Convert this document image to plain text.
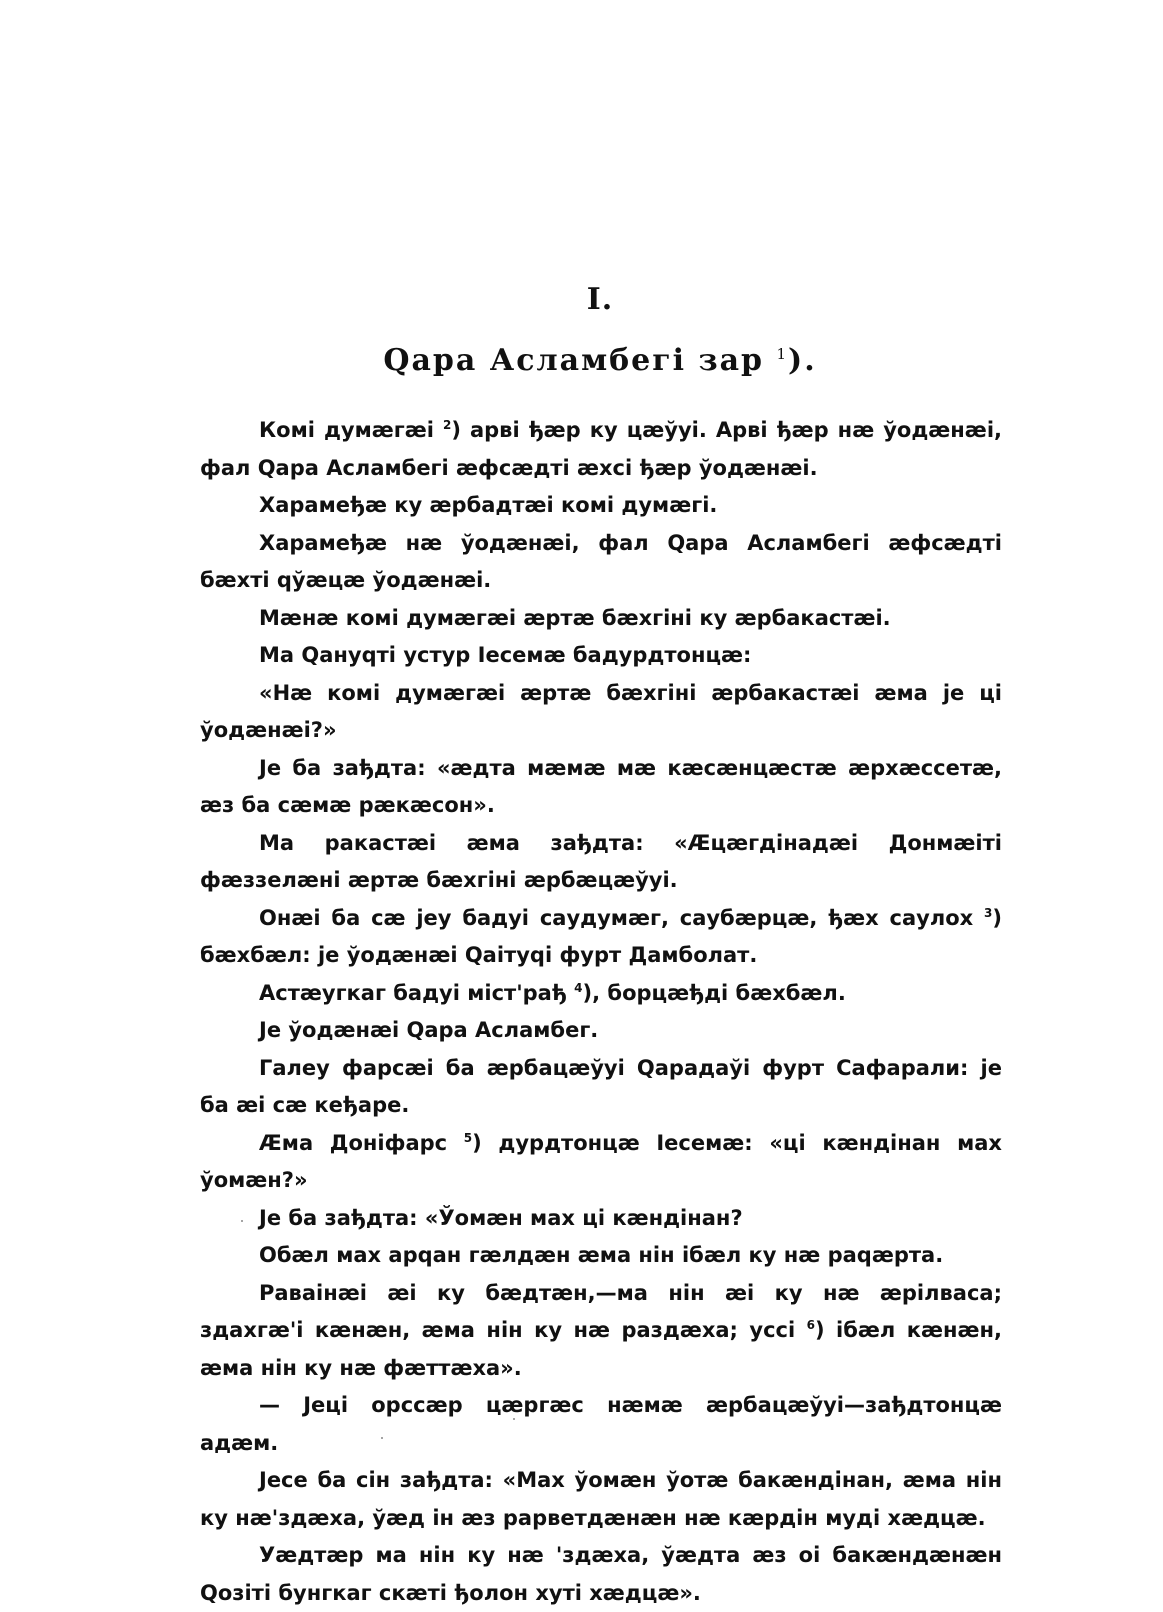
I.
Qара Асламбегі зар $^1$).

Комі думæгæі $^2$) арві ђæр ку цæўуі. Арві ђæр нæ ўодæнæі, фал Qара Асламбегі æфсæдті æхсі ђæр ўодæнæі.

Харамеђæ ку æрбадтæі комі думæгі.

Харамеђæ нæ ўодæнæі, фал Qара Асламбегі æфсæдті бæхті qўæцæ ўодæнæі.

Мæнæ комі думæгæі æртæ бæхгіні ку æрбакастæі.

Ма Qануqті устур Іесемæ бадурдтонцæ:

«Нæ комі думæгæі æртæ бæхгіні æрбакастæі æма је ці ўодæнæі?»

Је ба зађдта: «æдта мæмæ мæ кæсæнцæстæ æрхæссетæ, æз ба сæмæ рæкæсон».

Ма ракастæі æма зађдта: «Æцæгдінадæі Донмæіті фæззелæні æртæ бæхгіні æрбæцæўуі.

Онæі ба сæ јеу бадуі саудумæг, саубæрцæ, ђæх саулох $^3$) бæхбæл: је ўодæнæі Qаітуqі фурт Дамболат.

Астæугкаг бадуі міст'рађ $^4$), борцæђді бæхбæл.

Је ўодæнæі Qара Асламбег.

Галеу фарсæі ба æрбацæўуі Qарадаўі фурт Сафарали: је ба æі сæ кеђаре.

Æма Доніфарс $^5$) дурдтонцæ Іесемæ: «ці кæндінан мах ўомæн?»

Је ба зађдта: «Ўомæн мах ці кæндінан?

Обæл мах арqан гæлдæн æма нін ібæл ку нæ раqæрта.

Раваінæі æі ку бæдтæн,—ма нін æі ку нæ æрілваса; здахгæ'і кæнæн, æма нін ку нæ раздæха; уссі $^6$) ібæл кæнæн, æма нін ку нæ фæттæха».

— Јеці орссæр цæргæс нæмæ æрбацæўуі—зађдтонцæ адæм.

Јесе ба сін зађдта: «Мах ўомæн ўотæ бакæндінан, æма нін ку нæ'здæха, ўæд ін æз рарветдæнæн нæ кæрдін муді хæдцæ.

Уæдтæр ма нін ку нæ 'здæха, ўæдта æз оі бакæндæнæн Qозіті бунгкаг скæті ђолон хуті хæдцæ».
